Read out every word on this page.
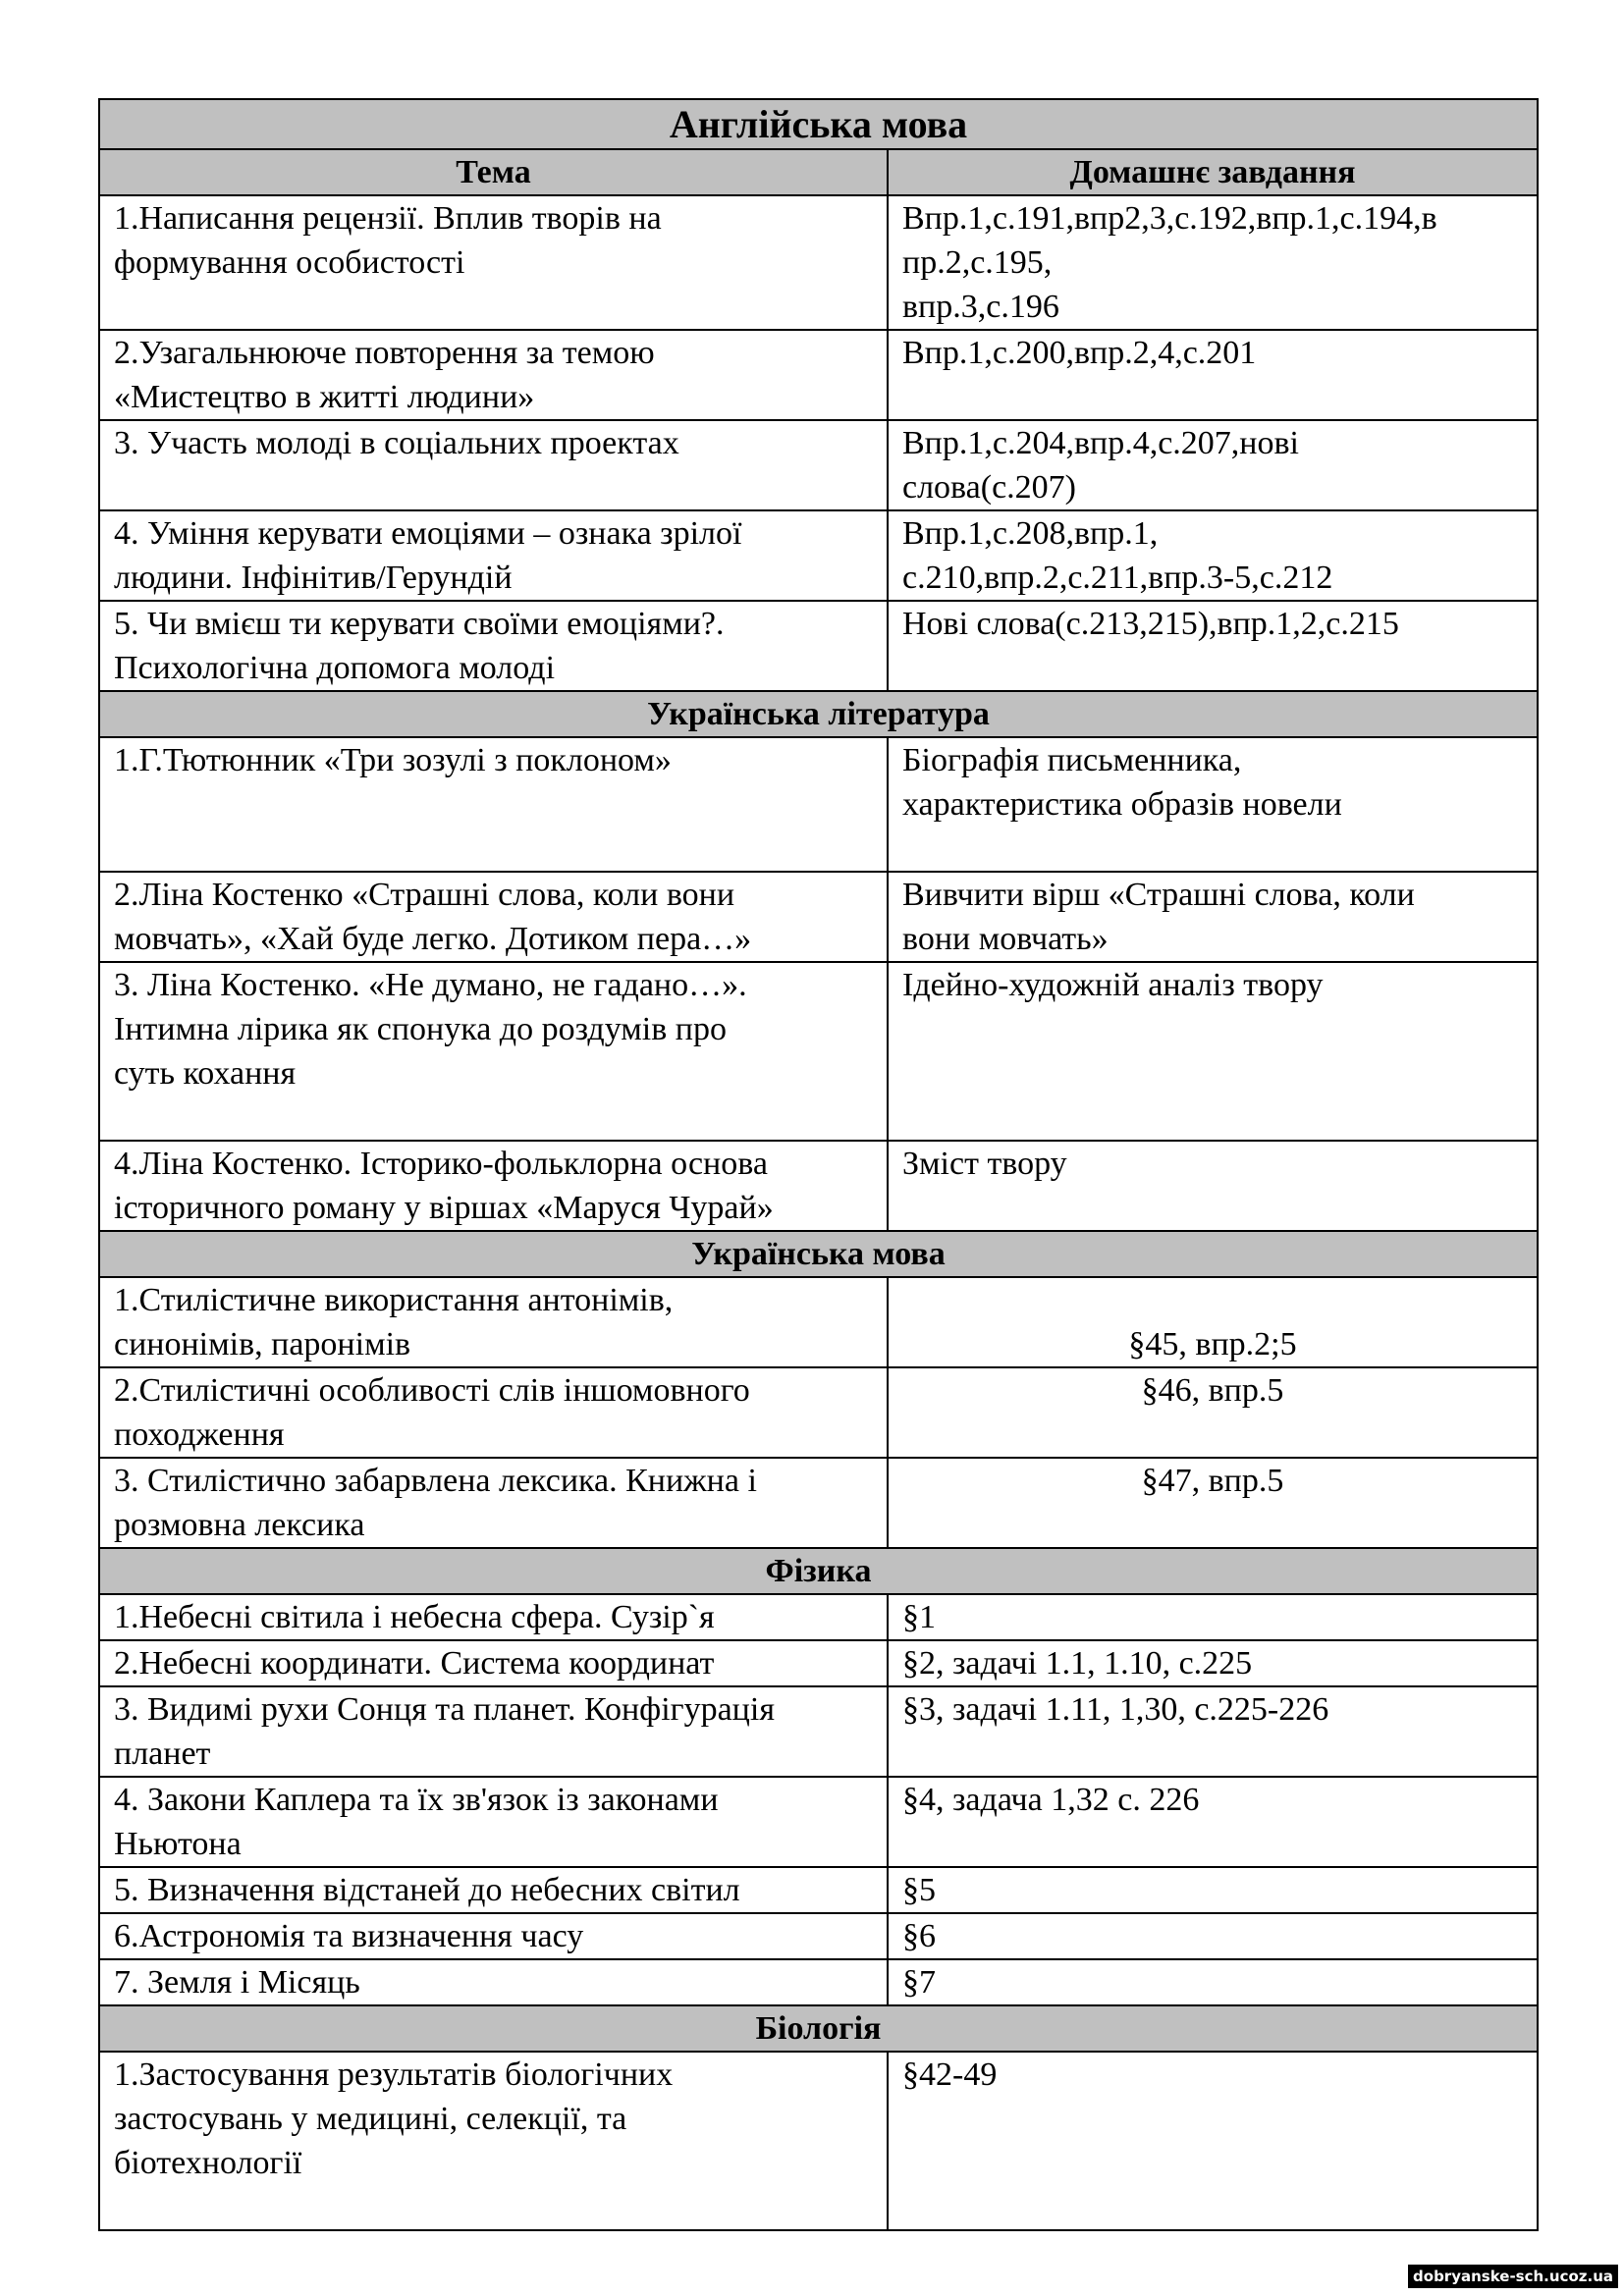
Англійська мова	
Тема	Домашнє завдання

1.Написання рецензії. Вплив творів на
формування особистості	Впр.1,с.191,впр2,3,с.192,впр.1,с.194,в
пр.2,с.195,
впр.3,с.196

2.Узагальнююче повторення за темою
«Мистецтво в житті людини»	Впр.1,с.200,впр.2,4,с.201

3. Участь молоді в соціальних проектах	Впр.1,с.204,впр.4,с.207,нові
слова(с.207)

4. Уміння керувати емоціями – ознака зрілої
людини. Інфінітив/Герундій	Впр.1,с.208,впр.1,
с.210,впр.2,с.211,впр.3-5,с.212

5. Чи вмієш ти керувати своїми емоціями?.
Психологічна допомога молоді	Нові слова(с.213,215),впр.1,2,с.215

Українська література	

1.Г.Тютюнник «Три зозулі з поклоном»	Біографія письменника,
характеристика образів новели

2.Ліна Костенко «Страшні слова, коли вони
мовчать», «Хай буде легко. Дотиком пера…»	Вивчити вірш «Страшні слова, коли
вони мовчать»

3. Ліна Костенко. «Не думано, не гадано…».
Інтимна лірика як спонука до роздумів про
суть кохання	Ідейно-художній аналіз твору

4.Ліна Костенко. Історико-фольклорна основа
історичного роману у віршах «Маруся Чурай»	Зміст твору

Українська мова	

1.Стилістичне використання антонімів,
синонімів, паронімів	§45, впр.2;5

2.Стилістичні особливості слів іншомовного
походження	§46, впр.5

3. Стилістично забарвлена лексика. Книжна і
розмовна лексика	§47, впр.5

Фізика	

1.Небесні світила і небесна сфера. Сузір`я	§1

2.Небесні координати. Система координат	§2, задачі 1.1, 1.10, с.225

3. Видимі рухи Сонця та планет. Конфігурація
планет	§3, задачі 1.11, 1,30, с.225-226

4. Закони Каплера та їх зв'язок із законами
Ньютона	§4, задача 1,32 с. 226

5. Визначення відстаней до небесних світил	§5

6.Астрономія та визначення часу	§6

7. Земля і Місяць	§7

Біологія	

1.Застосування результатів біологічних
застосувань у медицині, селекції, та
біотехнології	§42-49
dobryanske-sch.ucoz.ua
